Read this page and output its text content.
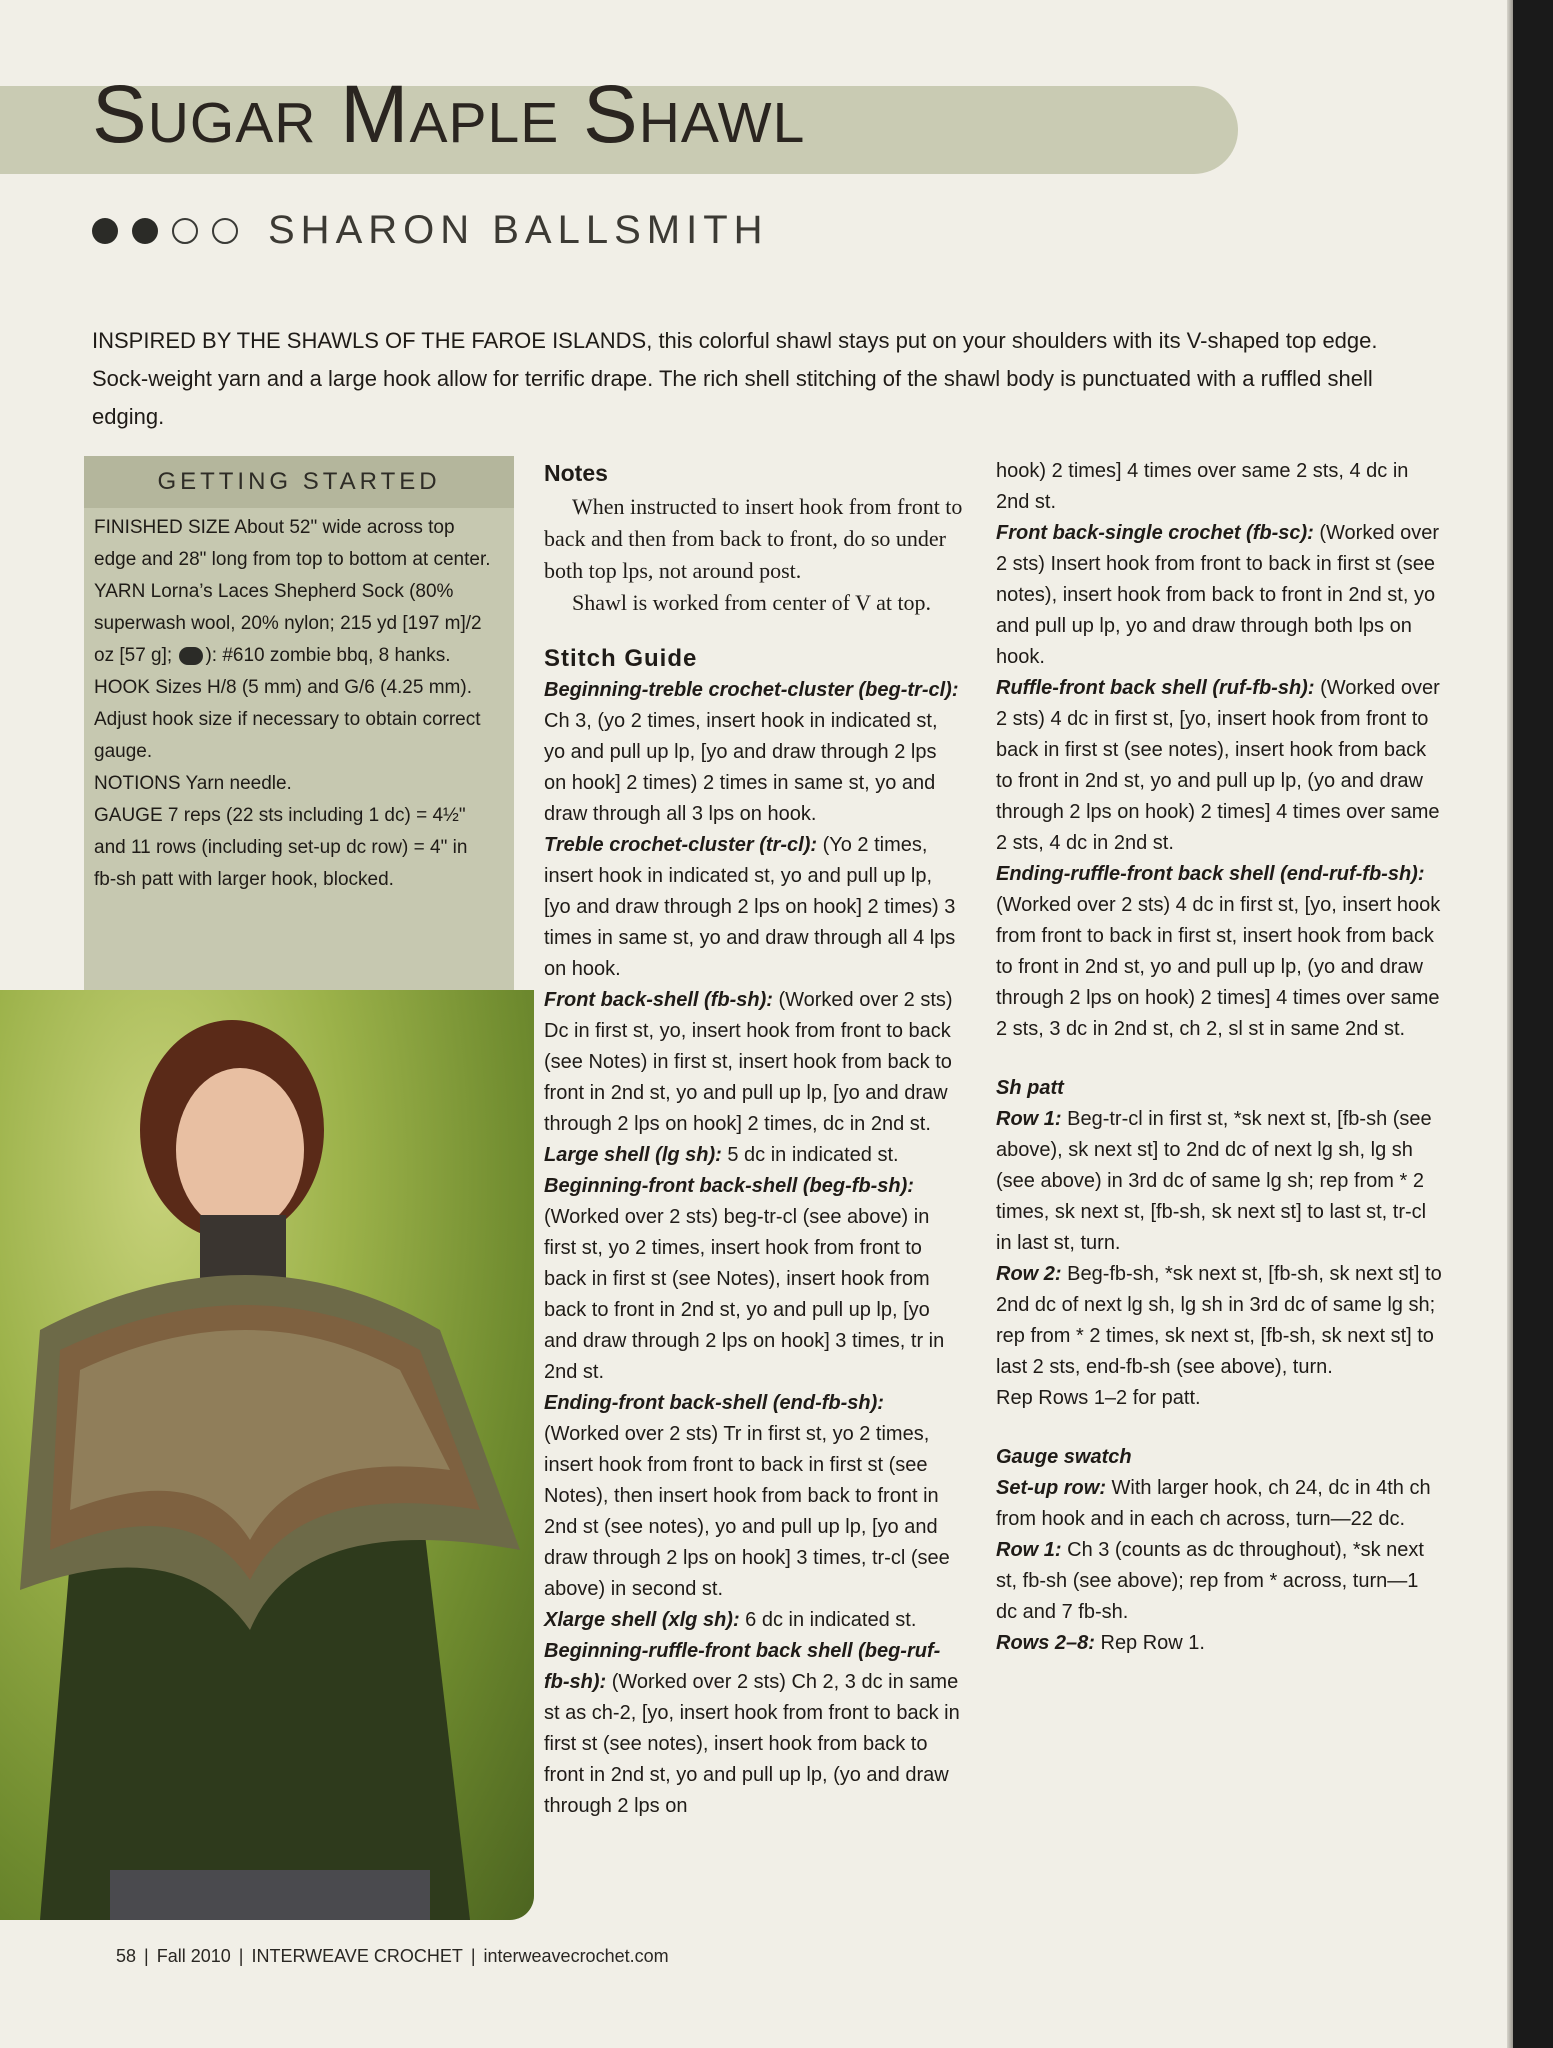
Sugar Maple Shawl
SHARON BALLSMITH

INSPIRED BY THE SHAWLS OF THE FAROE ISLANDS, this colorful shawl stays put on your shoulders with its V-shaped top edge. Sock-weight yarn and a large hook allow for terrific drape. The rich shell stitching of the shawl body is punctuated with a ruffled shell edging.

GETTING STARTED

FINISHED SIZE About 52" wide across top edge and 28" long from top to bottom at center.

YARN Lorna’s Laces Shepherd Sock (80% superwash wool, 20% nylon; 215 yd [197 m]/2 oz [57 g]; ): #610 zombie bbq, 8 hanks.

HOOK Sizes H/8 (5 mm) and G/6 (4.25 mm). Adjust hook size if necessary to obtain correct gauge.

NOTIONS Yarn needle.

GAUGE 7 reps (22 sts including 1 dc) = 4½" and 11 rows (including set-up dc row) = 4" in fb-sh patt with larger hook, blocked.

Notes

When instructed to insert hook from front to back and then from back to front, do so under both top lps, not around post.

Shawl is worked from center of V at top.

Stitch Guide

Beginning-treble crochet-cluster (beg-tr-cl): Ch 3, (yo 2 times, insert hook in indicated st, yo and pull up lp, [yo and draw through 2 lps on hook] 2 times) 2 times in same st, yo and draw through all 3 lps on hook.

Treble crochet-cluster (tr-cl): (Yo 2 times, insert hook in indicated st, yo and pull up lp, [yo and draw through 2 lps on hook] 2 times) 3 times in same st, yo and draw through all 4 lps on hook.

Front back-shell (fb-sh): (Worked over 2 sts) Dc in first st, yo, insert hook from front to back (see Notes) in first st, insert hook from back to front in 2nd st, yo and pull up lp, [yo and draw through 2 lps on hook] 2 times, dc in 2nd st.

Large shell (lg sh): 5 dc in indicated st.

Beginning-front back-shell (beg-fb-sh): (Worked over 2 sts) beg-tr-cl (see above) in first st, yo 2 times, insert hook from front to back in first st (see Notes), insert hook from back to front in 2nd st, yo and pull up lp, [yo and draw through 2 lps on hook] 3 times, tr in 2nd st.

Ending-front back-shell (end-fb-sh): (Worked over 2 sts) Tr in first st, yo 2 times, insert hook from front to back in first st (see Notes), then insert hook from back to front in 2nd st (see notes), yo and pull up lp, [yo and draw through 2 lps on hook] 3 times, tr-cl (see above) in second st.

Xlarge shell (xlg sh): 6 dc in indicated st.

Beginning-ruffle-front back shell (beg-ruf-fb-sh): (Worked over 2 sts) Ch 2, 3 dc in same st as ch-2, [yo, insert hook from front to back in first st (see notes), insert hook from back to front in 2nd st, yo and pull up lp, (yo and draw through 2 lps on

hook) 2 times] 4 times over same 2 sts, 4 dc in 2nd st.

Front back-single crochet (fb-sc): (Worked over 2 sts) Insert hook from front to back in first st (see notes), insert hook from back to front in 2nd st, yo and pull up lp, yo and draw through both lps on hook.

Ruffle-front back shell (ruf-fb-sh): (Worked over 2 sts) 4 dc in first st, [yo, insert hook from front to back in first st (see notes), insert hook from back to front in 2nd st, yo and pull up lp, (yo and draw through 2 lps on hook) 2 times] 4 times over same 2 sts, 4 dc in 2nd st.

Ending-ruffle-front back shell (end-ruf-fb-sh): (Worked over 2 sts) 4 dc in first st, [yo, insert hook from front to back in first st, insert hook from back to front in 2nd st, yo and pull up lp, (yo and draw through 2 lps on hook) 2 times] 4 times over same 2 sts, 3 dc in 2nd st, ch 2, sl st in same 2nd st.

Sh patt

Row 1: Beg-tr-cl in first st, *sk next st, [fb-sh (see above), sk next st] to 2nd dc of next lg sh, lg sh (see above) in 3rd dc of same lg sh; rep from * 2 times, sk next st, [fb-sh, sk next st] to last st, tr-cl in last st, turn.

Row 2: Beg-fb-sh, *sk next st, [fb-sh, sk next st] to 2nd dc of next lg sh, lg sh in 3rd dc of same lg sh; rep from * 2 times, sk next st, [fb-sh, sk next st] to last 2 sts, end-fb-sh (see above), turn.

Rep Rows 1–2 for patt.

Gauge swatch

Set-up row: With larger hook, ch 24, dc in 4th ch from hook and in each ch across, turn—22 dc.

Row 1: Ch 3 (counts as dc throughout), *sk next st, fb-sh (see above); rep from * across, turn—1 dc and 7 fb-sh.

Rows 2–8: Rep Row 1.

58 | Fall 2010 | INTERWEAVE CROCHET | interweavecrochet.com
